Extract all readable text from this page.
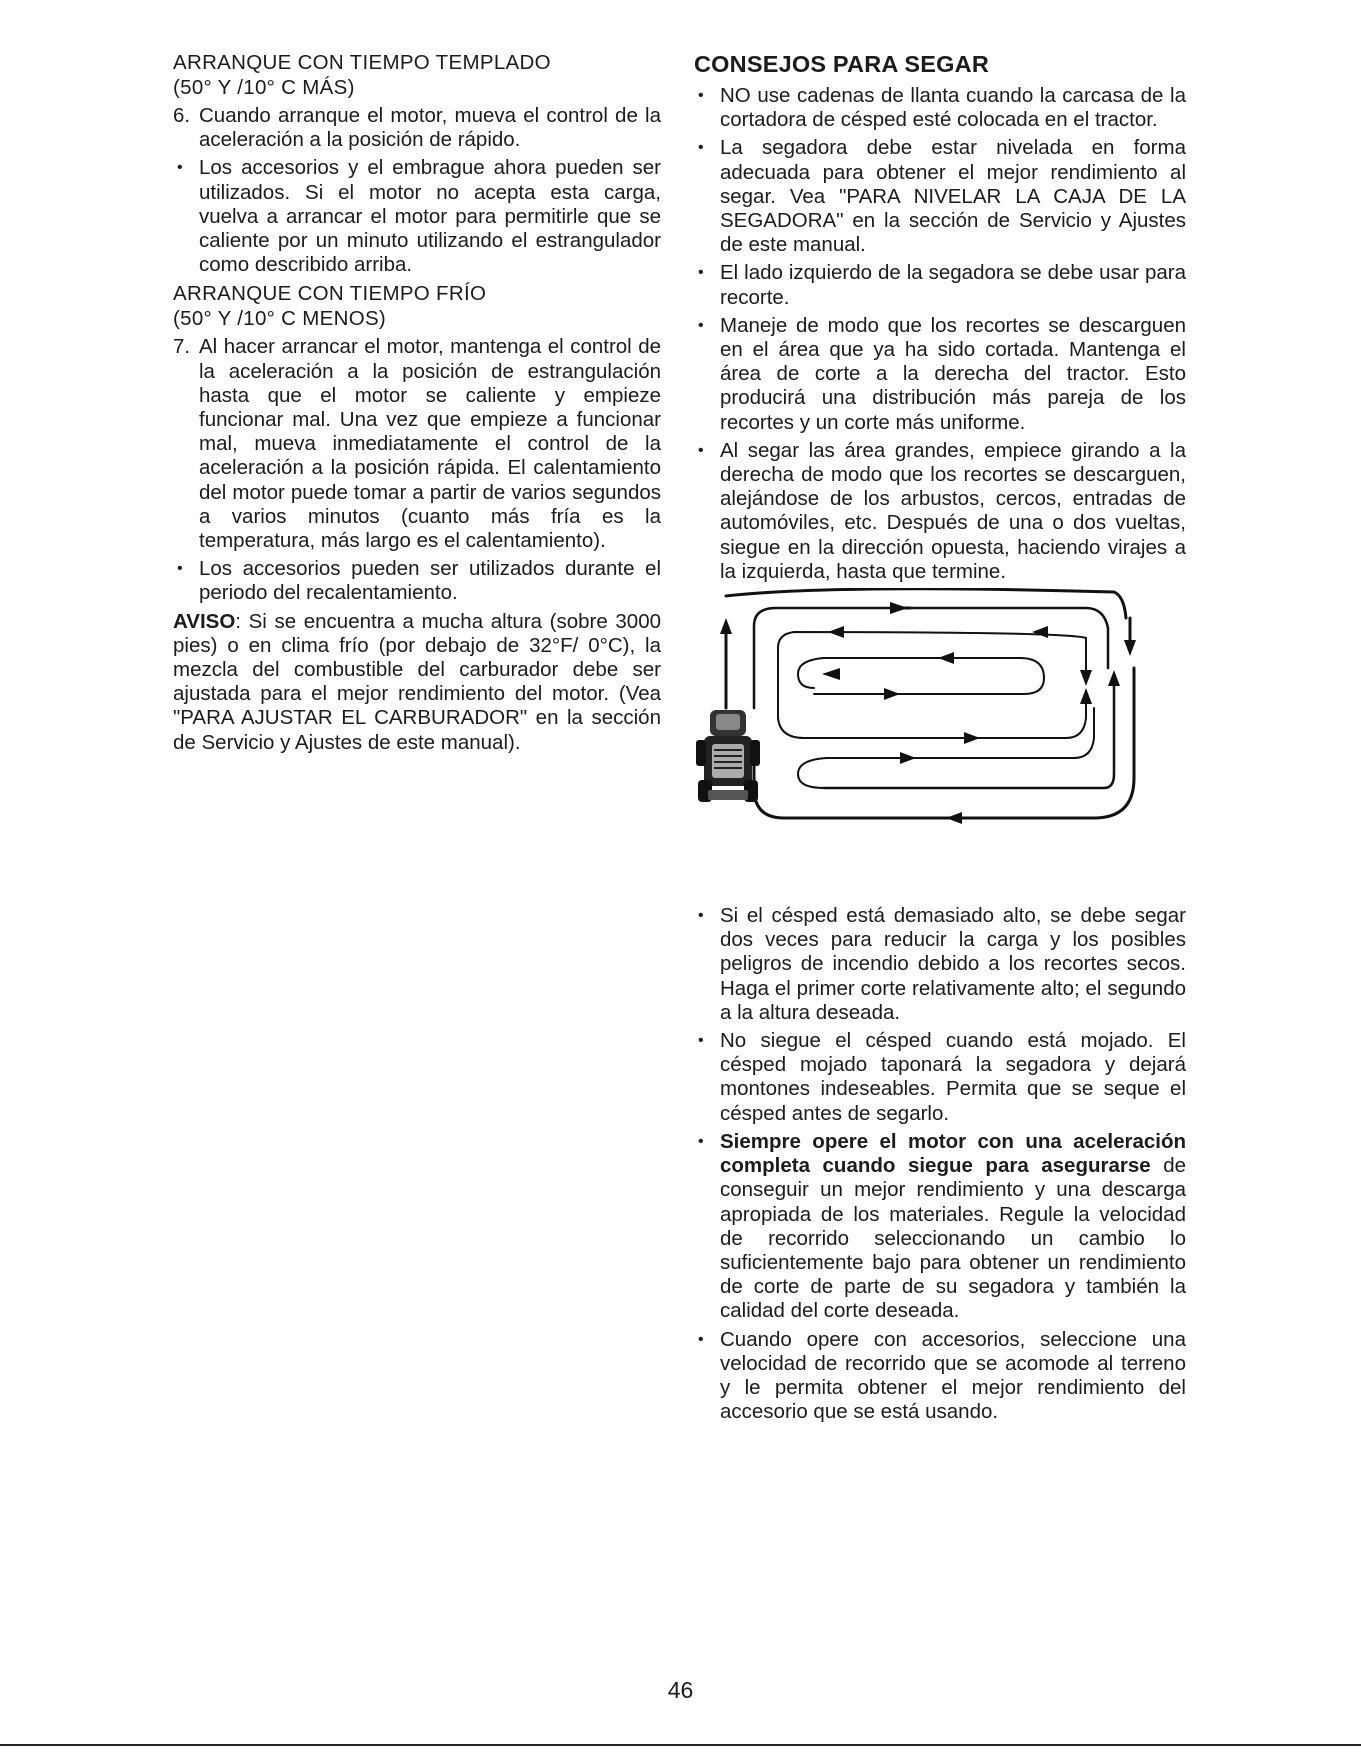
ARRANQUE CON TIEMPO TEMPLADO

(50° Y /10° C MÁS)

6. Cuando arranque el motor, mueva el control de la aceleración a la posición de rápido.
• Los accesorios y el embrague ahora pueden ser utilizados. Si el motor no acepta esta carga, vuelva a arrancar el motor para permitirle que se caliente por un minuto utilizando el estrangulador como describido arriba.

ARRANQUE CON TIEMPO FRÍO

(50° Y /10° C MENOS)

7. Al hacer arrancar el motor, mantenga el control de la aceleración a la posición de estrangulación hasta que el motor se caliente y empieze funcionar mal. Una vez que empieze a funcionar mal, mueva inmediatamente el control de la aceleración a la posición rápida. El calentamiento del motor puede tomar a partir de varios segundos a varios minutos (cuanto más fría es la temperatura, más largo es el calentamiento).
• Los accesorios pueden ser utilizados durante el periodo del recalentamiento.

AVISO: Si se encuentra a mucha altura (sobre 3000 pies) o en clima frío (por debajo de 32°F/ 0°C), la mezcla del combustible del carburador debe ser ajustada para el mejor rendimiento del motor. (Vea "PARA AJUSTAR EL CARBURADOR" en la sección de Servicio y Ajustes de este manual).

CONSEJOS PARA SEGAR

• NO use cadenas de llanta cuando la carcasa de la cortadora de césped esté colocada en el tractor.
• La segadora debe estar nivelada en forma adecuada para obtener el mejor rendimiento al segar. Vea "PARA NIVELAR LA CAJA DE LA SEGADORA" en la sección de Servicio y Ajustes de este manual.
• El lado izquierdo de la segadora se debe usar para recorte.
• Maneje de modo que los recortes se descarguen en el área que ya ha sido cortada. Mantenga el área de corte a la derecha del tractor. Esto producirá una distribución más pareja de los recortes y un corte más uniforme.
• Al segar las área grandes, empiece girando a la derecha de modo que los recortes se descarguen, alejándose de los arbustos, cercos, entradas de automóviles, etc. Después de una o dos vueltas, siegue en la dirección opuesta, haciendo virajes a la izquierda, hasta que termine.
• Si el césped está demasiado alto, se debe segar dos veces para reducir la carga y los posibles peligros de incendio debido a los recortes secos. Haga el primer corte relativamente alto; el segundo a la altura deseada.
• No siegue el césped cuando está mojado. El césped mojado taponará la segadora y dejará montones indeseables. Permita que se seque el césped antes de segarlo.
• Siempre opere el motor con una aceleración completa cuando siegue para asegurarse de conseguir un mejor rendimiento y una descarga apropiada de los materiales. Regule la velocidad de recorrido seleccionando un cambio lo suficientemente bajo para obtener un rendimiento de corte de parte de su segadora y también la calidad del corte deseada.
• Cuando opere con accesorios, seleccione una velocidad de recorrido que se acomode al terreno y le permita obtener el mejor rendimiento del accesorio que se está usando.
46
